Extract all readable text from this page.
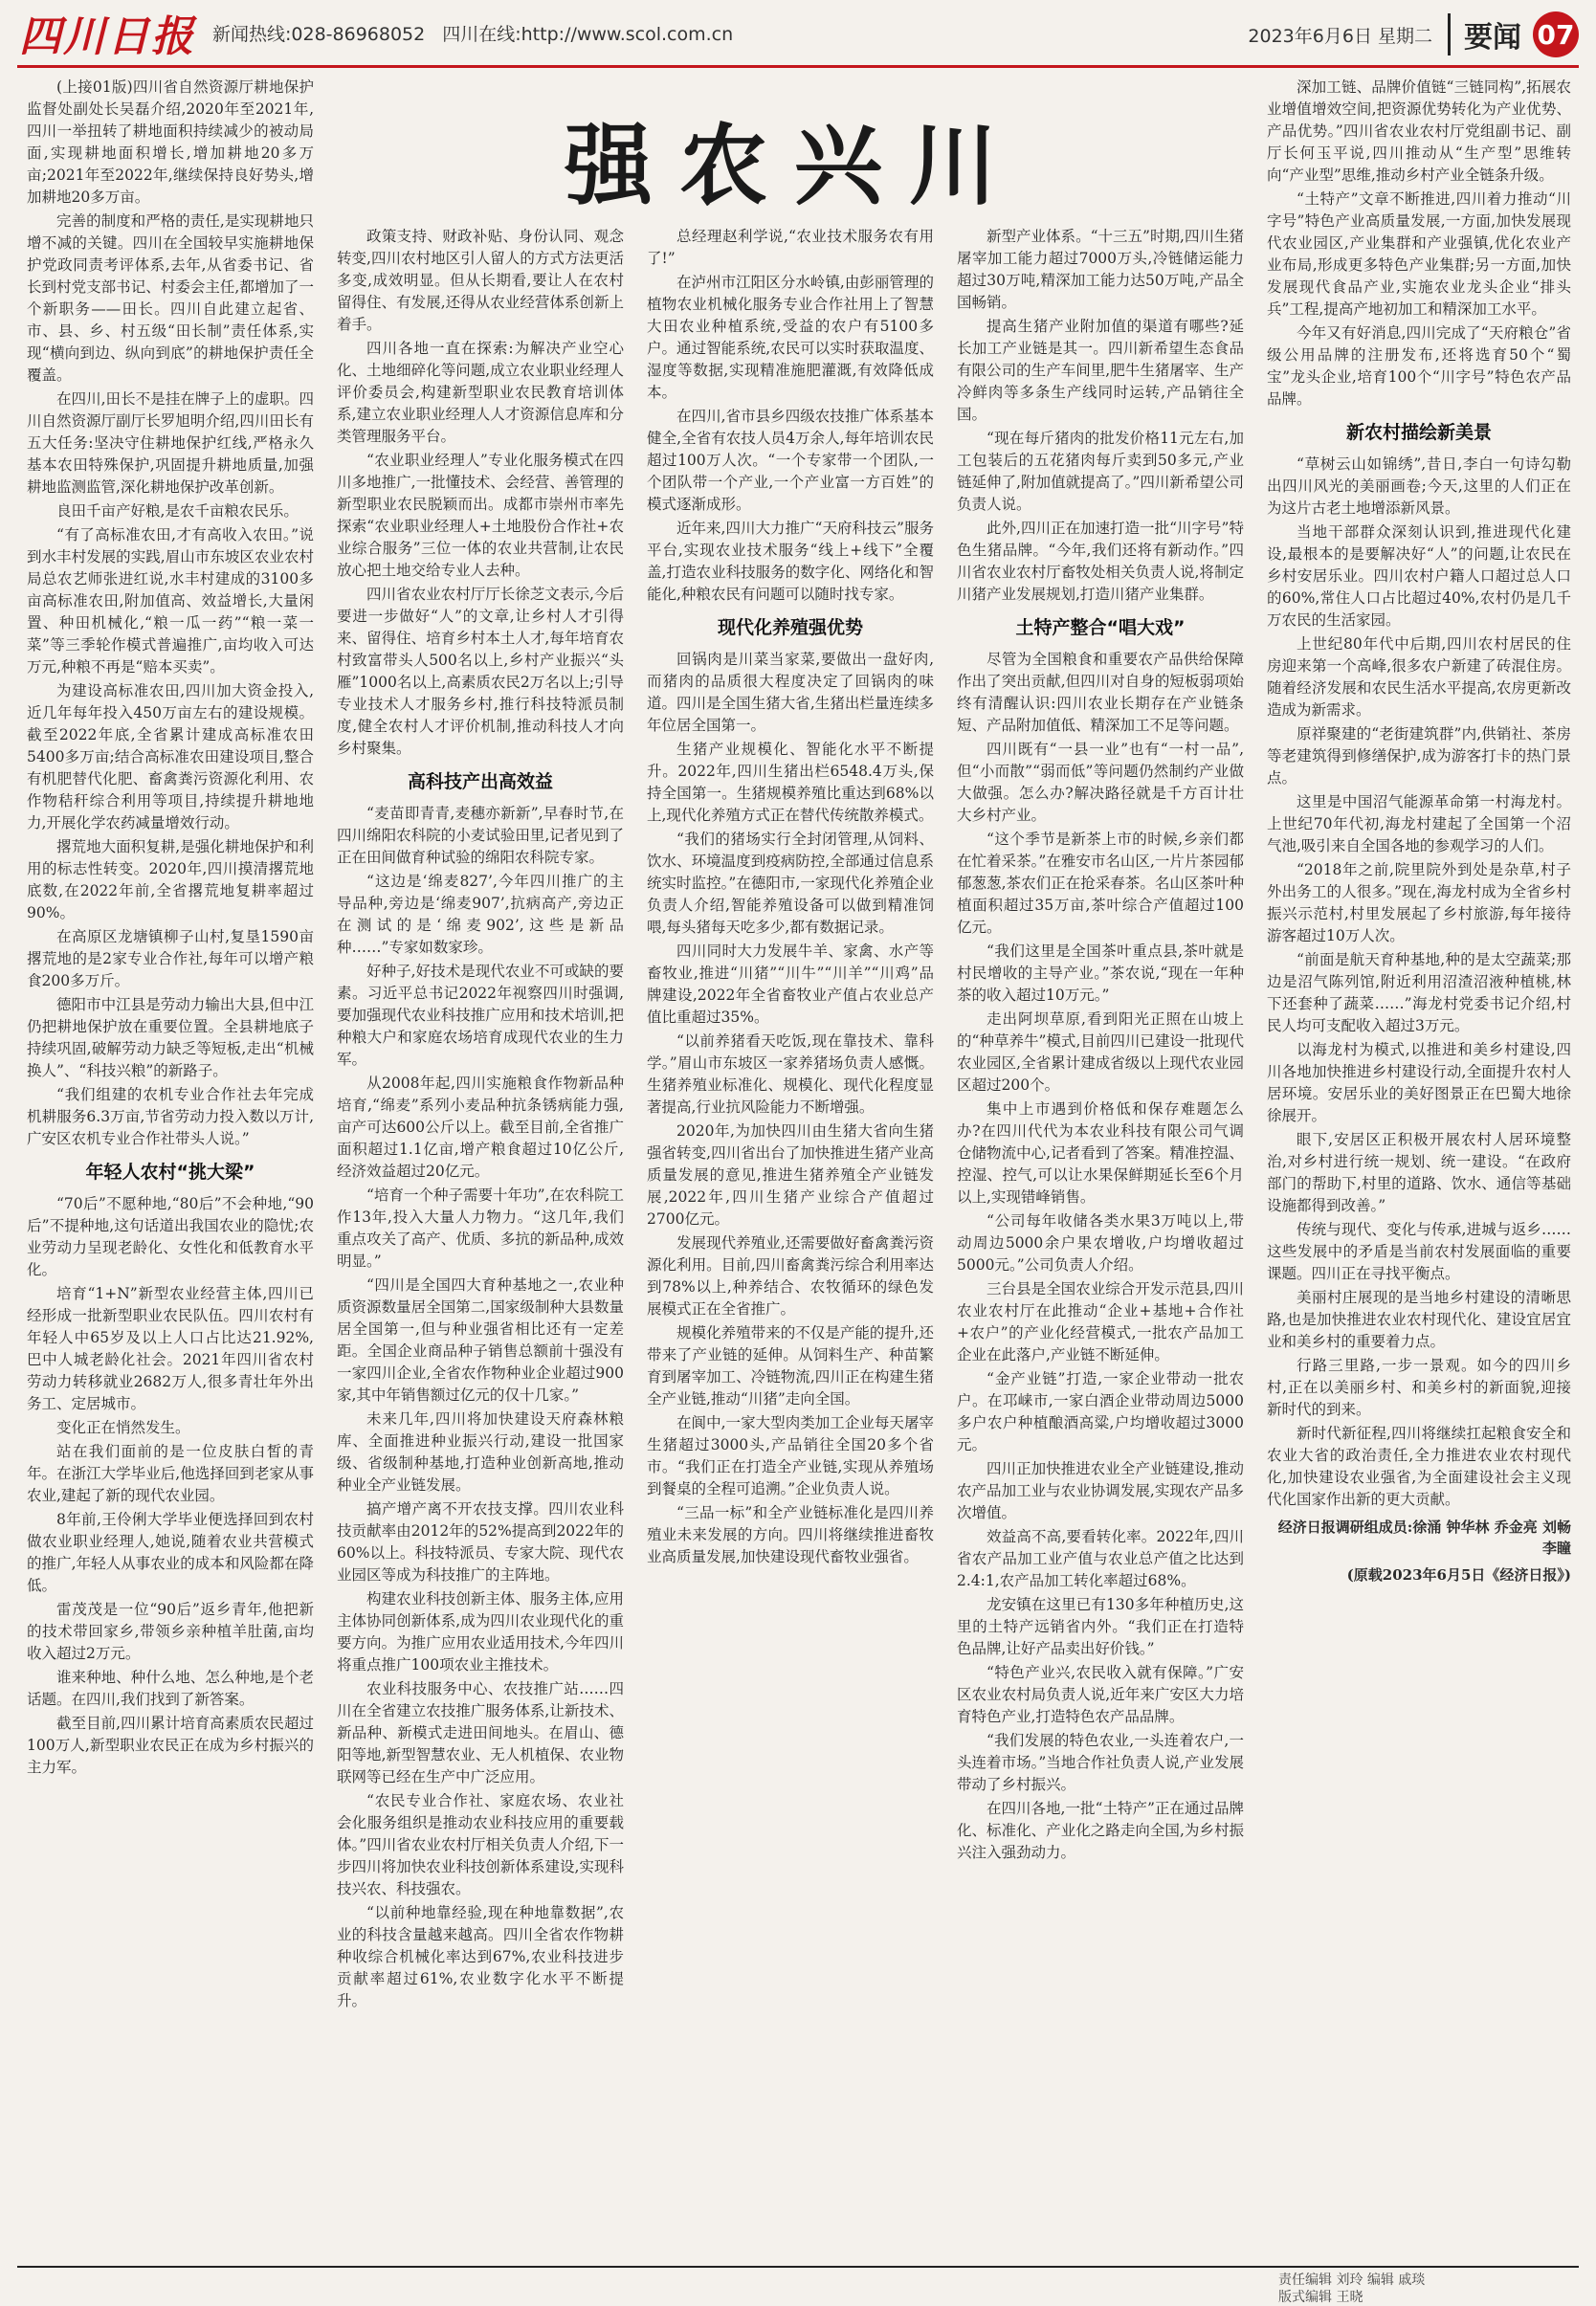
四川日报 新闻热线:028-86968052 四川在线:http://www.scol.com.cn	2023年6月6日 星期二	要闻 07
强农兴川

(上接01版)四川省自然资源厅耕地保护监督处副处长吴磊介绍,2020年至2021年,四川一举扭转了耕地面积持续减少的被动局面,实现耕地面积增长,增加耕地20多万亩;2021年至2022年,继续保持良好势头,增加耕地20多万亩。

完善的制度和严格的责任,是实现耕地只增不减的关键。四川在全国较早实施耕地保护党政同责考评体系,去年,从省委书记、省长到村党支部书记、村委会主任,都增加了一个新职务——田长。四川自此建立起省、市、县、乡、村五级“田长制”责任体系,实现“横向到边、纵向到底”的耕地保护责任全覆盖。

在四川,田长不是挂在牌子上的虚职。四川自然资源厅副厅长罗旭明介绍,四川田长有五大任务:坚决守住耕地保护红线,严格永久基本农田特殊保护,巩固提升耕地质量,加强耕地监测监管,深化耕地保护改革创新。

良田千亩产好粮,是农千亩粮农民乐。

“有了高标准农田,才有高收入农田。”说到水丰村发展的实践,眉山市东坡区农业农村局总农艺师张进红说,水丰村建成的3100多亩高标准农田,附加值高、效益增长,大量闲置、种田机械化,“粮一瓜一药”“粮一菜一菜”等三季轮作模式普遍推广,亩均收入可达万元,种粮不再是“赔本买卖”。

为建设高标准农田,四川加大资金投入,近几年每年投入450万亩左右的建设规模。截至2022年底,全省累计建成高标准农田5400多万亩;结合高标准农田建设项目,整合有机肥替代化肥、畜禽粪污资源化利用、农作物秸秆综合利用等项目,持续提升耕地地力,开展化学农药减量增效行动。

撂荒地大面积复耕,是强化耕地保护和利用的标志性转变。2020年,四川摸清撂荒地底数,在2022年前,全省撂荒地复耕率超过90%。

在高原区龙塘镇柳子山村,复垦1590亩撂荒地的是2家专业合作社,每年可以增产粮食200多万斤。

德阳市中江县是劳动力输出大县,但中江仍把耕地保护放在重要位置。全县耕地底子持续巩固,破解劳动力缺乏等短板,走出“机械换人”、“科技兴粮”的新路子。

“我们组建的农机专业合作社去年完成机耕服务6.3万亩,节省劳动力投入数以万计,广安区农机专业合作社带头人说。”

年轻人农村“挑大梁”

“70后”不愿种地,“80后”不会种地,“90后”不提种地,这句话道出我国农业的隐忧;农业劳动力呈现老龄化、女性化和低教育水平化。

培育“1+N”新型农业经营主体,四川已经形成一批新型职业农民队伍。四川农村有年轻人中65岁及以上人口占比达21.92%,巴中人城老龄化社会。2021年四川省农村劳动力转移就业2682万人,很多青壮年外出务工、定居城市。

变化正在悄然发生。

站在我们面前的是一位皮肤白皙的青年。在浙江大学毕业后,他选择回到老家从事农业,建起了新的现代农业园。

8年前,王伶俐大学毕业便选择回到农村做农业职业经理人,她说,随着农业共营模式的推广,年轻人从事农业的成本和风险都在降低。

雷茂茂是一位“90后”返乡青年,他把新的技术带回家乡,带领乡亲种植羊肚菌,亩均收入超过2万元。

谁来种地、种什么地、怎么种地,是个老话题。在四川,我们找到了新答案。

截至目前,四川累计培育高素质农民超过100万人,新型职业农民正在成为乡村振兴的主力军。

政策支持、财政补贴、身份认同、观念转变,四川农村地区引人留人的方式方法更活多变,成效明显。但从长期看,要让人在农村留得住、有发展,还得从农业经营体系创新上着手。

四川各地一直在探索:为解决产业空心化、土地细碎化等问题,成立农业职业经理人评价委员会,构建新型职业农民教育培训体系,建立农业职业经理人人才资源信息库和分类管理服务平台。

“农业职业经理人”专业化服务模式在四川多地推广,一批懂技术、会经营、善管理的新型职业农民脱颖而出。成都市崇州市率先探索“农业职业经理人+土地股份合作社+农业综合服务”三位一体的农业共营制,让农民放心把土地交给专业人去种。

四川省农业农村厅厅长徐芝文表示,今后要进一步做好“人”的文章,让乡村人才引得来、留得住、培育乡村本土人才,每年培育农村致富带头人500名以上,乡村产业振兴“头雁”1000名以上,高素质农民2万名以上;引导专业技术人才服务乡村,推行科技特派员制度,健全农村人才评价机制,推动科技人才向乡村聚集。

高科技产出高效益

“麦苗即青青,麦穗亦新新”,早春时节,在四川绵阳农科院的小麦试验田里,记者见到了正在田间做育种试验的绵阳农科院专家。

“这边是‘绵麦827’,今年四川推广的主导品种,旁边是‘绵麦907’,抗病高产,旁边正在测试的是‘绵麦902’,这些是新品种……”专家如数家珍。

好种子,好技术是现代农业不可或缺的要素。习近平总书记2022年视察四川时强调,要加强现代农业科技推广应用和技术培训,把种粮大户和家庭农场培育成现代农业的生力军。

从2008年起,四川实施粮食作物新品种培育,“绵麦”系列小麦品种抗条锈病能力强,亩产可达600公斤以上。截至目前,全省推广面积超过1.1亿亩,增产粮食超过10亿公斤,经济效益超过20亿元。

“培育一个种子需要十年功”,在农科院工作13年,投入大量人力物力。“这几年,我们重点攻关了高产、优质、多抗的新品种,成效明显。”

“四川是全国四大育种基地之一,农业种质资源数量居全国第二,国家级制种大县数量居全国第一,但与种业强省相比还有一定差距。全国企业商品种子销售总额前十强没有一家四川企业,全省农作物种业企业超过900家,其中年销售额过亿元的仅十几家。”

未来几年,四川将加快建设天府森林粮库、全面推进种业振兴行动,建设一批国家级、省级制种基地,打造种业创新高地,推动种业全产业链发展。

搞产增产离不开农技支撑。四川农业科技贡献率由2012年的52%提高到2022年的60%以上。科技特派员、专家大院、现代农业园区等成为科技推广的主阵地。

构建农业科技创新主体、服务主体,应用主体协同创新体系,成为四川农业现代化的重要方向。为推广应用农业适用技术,今年四川将重点推广100项农业主推技术。

农业科技服务中心、农技推广站……四川在全省建立农技推广服务体系,让新技术、新品种、新模式走进田间地头。在眉山、德阳等地,新型智慧农业、无人机植保、农业物联网等已经在生产中广泛应用。

“农民专业合作社、家庭农场、农业社会化服务组织是推动农业科技应用的重要载体。”四川省农业农村厅相关负责人介绍,下一步四川将加快农业科技创新体系建设,实现科技兴农、科技强农。

“以前种地靠经验,现在种地靠数据”,农业的科技含量越来越高。四川全省农作物耕种收综合机械化率达到67%,农业科技进步贡献率超过61%,农业数字化水平不断提升。

总经理赵利学说,“农业技术服务农有用了!”

在泸州市江阳区分水岭镇,由彭丽管理的植物农业机械化服务专业合作社用上了智慧大田农业种植系统,受益的农户有5100多户。通过智能系统,农民可以实时获取温度、湿度等数据,实现精准施肥灌溉,有效降低成本。

在四川,省市县乡四级农技推广体系基本健全,全省有农技人员4万余人,每年培训农民超过100万人次。“一个专家带一个团队,一个团队带一个产业,一个产业富一方百姓”的模式逐渐成形。

近年来,四川大力推广“天府科技云”服务平台,实现农业技术服务“线上+线下”全覆盖,打造农业科技服务的数字化、网络化和智能化,种粮农民有问题可以随时找专家。

现代化养殖强优势

回锅肉是川菜当家菜,要做出一盘好肉,而猪肉的品质很大程度决定了回锅肉的味道。四川是全国生猪大省,生猪出栏量连续多年位居全国第一。

生猪产业规模化、智能化水平不断提升。2022年,四川生猪出栏6548.4万头,保持全国第一。生猪规模养殖比重达到68%以上,现代化养殖方式正在替代传统散养模式。

“我们的猪场实行全封闭管理,从饲料、饮水、环境温度到疫病防控,全部通过信息系统实时监控。”在德阳市,一家现代化养殖企业负责人介绍,智能养殖设备可以做到精准饲喂,每头猪每天吃多少,都有数据记录。

四川同时大力发展牛羊、家禽、水产等畜牧业,推进“川猪”“川牛”“川羊”“川鸡”品牌建设,2022年全省畜牧业产值占农业总产值比重超过35%。

“以前养猪看天吃饭,现在靠技术、靠科学。”眉山市东坡区一家养猪场负责人感慨。生猪养殖业标准化、规模化、现代化程度显著提高,行业抗风险能力不断增强。

2020年,为加快四川由生猪大省向生猪强省转变,四川省出台了加快推进生猪产业高质量发展的意见,推进生猪养殖全产业链发展,2022年,四川生猪产业综合产值超过2700亿元。

发展现代养殖业,还需要做好畜禽粪污资源化利用。目前,四川畜禽粪污综合利用率达到78%以上,种养结合、农牧循环的绿色发展模式正在全省推广。

规模化养殖带来的不仅是产能的提升,还带来了产业链的延伸。从饲料生产、种苗繁育到屠宰加工、冷链物流,四川正在构建生猪全产业链,推动“川猪”走向全国。

在阆中,一家大型肉类加工企业每天屠宰生猪超过3000头,产品销往全国20多个省市。“我们正在打造全产业链,实现从养殖场到餐桌的全程可追溯。”企业负责人说。

“三品一标”和全产业链标准化是四川养殖业未来发展的方向。四川将继续推进畜牧业高质量发展,加快建设现代畜牧业强省。

新型产业体系。“十三五”时期,四川生猪屠宰加工能力超过7000万头,冷链储运能力超过30万吨,精深加工能力达50万吨,产品全国畅销。

提高生猪产业附加值的渠道有哪些?延长加工产业链是其一。四川新希望生态食品有限公司的生产车间里,肥牛生猪屠宰、生产冷鲜肉等多条生产线同时运转,产品销往全国。

“现在每斤猪肉的批发价格11元左右,加工包装后的五花猪肉每斤卖到50多元,产业链延伸了,附加值就提高了。”四川新希望公司负责人说。

此外,四川正在加速打造一批“川字号”特色生猪品牌。“今年,我们还将有新动作。”四川省农业农村厅畜牧处相关负责人说,将制定川猪产业发展规划,打造川猪产业集群。

土特产整合“唱大戏”

尽管为全国粮食和重要农产品供给保障作出了突出贡献,但四川对自身的短板弱项始终有清醒认识:四川农业长期存在产业链条短、产品附加值低、精深加工不足等问题。

四川既有“一县一业”也有“一村一品”,但“小而散”“弱而低”等问题仍然制约产业做大做强。怎么办?解决路径就是千方百计壮大乡村产业。

“这个季节是新茶上市的时候,乡亲们都在忙着采茶。”在雅安市名山区,一片片茶园郁郁葱葱,茶农们正在抢采春茶。名山区茶叶种植面积超过35万亩,茶叶综合产值超过100亿元。

“我们这里是全国茶叶重点县,茶叶就是村民增收的主导产业。”茶农说,“现在一年种茶的收入超过10万元。”

走出阿坝草原,看到阳光正照在山坡上的“种草养牛”模式,目前四川已建设一批现代农业园区,全省累计建成省级以上现代农业园区超过200个。

集中上市遇到价格低和保存难题怎么办?在四川代代为本农业科技有限公司气调仓储物流中心,记者看到了答案。精准控温、控湿、控气,可以让水果保鲜期延长至6个月以上,实现错峰销售。

“公司每年收储各类水果3万吨以上,带动周边5000余户果农增收,户均增收超过5000元。”公司负责人介绍。

三台县是全国农业综合开发示范县,四川农业农村厅在此推动“企业+基地+合作社+农户”的产业化经营模式,一批农产品加工企业在此落户,产业链不断延伸。

“金产业链”打造,一家企业带动一批农户。在邛崃市,一家白酒企业带动周边5000多户农户种植酿酒高粱,户均增收超过3000元。

四川正加快推进农业全产业链建设,推动农产品加工业与农业协调发展,实现农产品多次增值。

效益高不高,要看转化率。2022年,四川省农产品加工业产值与农业总产值之比达到2.4:1,农产品加工转化率超过68%。

龙安镇在这里已有130多年种植历史,这里的土特产远销省内外。“我们正在打造特色品牌,让好产品卖出好价钱。”

“特色产业兴,农民收入就有保障。”广安区农业农村局负责人说,近年来广安区大力培育特色产业,打造特色农产品品牌。

“我们发展的特色农业,一头连着农户,一头连着市场。”当地合作社负责人说,产业发展带动了乡村振兴。

在四川各地,一批“土特产”正在通过品牌化、标准化、产业化之路走向全国,为乡村振兴注入强劲动力。

深加工链、品牌价值链“三链同构”,拓展农业增值增效空间,把资源优势转化为产业优势、产品优势。”四川省农业农村厅党组副书记、副厅长何玉平说,四川推动从“生产型”思维转向“产业型”思维,推动乡村产业全链条升级。

“土特产”文章不断推进,四川着力推动“川字号”特色产业高质量发展,一方面,加快发展现代农业园区,产业集群和产业强镇,优化农业产业布局,形成更多特色产业集群;另一方面,加快发展现代食品产业,实施农业龙头企业“排头兵”工程,提高产地初加工和精深加工水平。

今年又有好消息,四川完成了“天府粮仓”省级公用品牌的注册发布,还将选育50个“蜀宝”龙头企业,培育100个“川字号”特色农产品品牌。

新农村描绘新美景

“草树云山如锦绣”,昔日,李白一句诗勾勒出四川风光的美丽画卷;今天,这里的人们正在为这片古老土地增添新风景。

当地干部群众深刻认识到,推进现代化建设,最根本的是要解决好“人”的问题,让农民在乡村安居乐业。四川农村户籍人口超过总人口的60%,常住人口占比超过40%,农村仍是几千万农民的生活家园。

上世纪80年代中后期,四川农村居民的住房迎来第一个高峰,很多农户新建了砖混住房。随着经济发展和农民生活水平提高,农房更新改造成为新需求。

原祥聚建的“老街建筑群”内,供销社、茶房等老建筑得到修缮保护,成为游客打卡的热门景点。

这里是中国沼气能源革命第一村海龙村。上世纪70年代初,海龙村建起了全国第一个沼气池,吸引来自全国各地的参观学习的人们。

“2018年之前,院里院外到处是杂草,村子外出务工的人很多。”现在,海龙村成为全省乡村振兴示范村,村里发展起了乡村旅游,每年接待游客超过10万人次。

“前面是航天育种基地,种的是太空蔬菜;那边是沼气陈列馆,附近利用沼渣沼液种植桃,林下还套种了蔬菜……”海龙村党委书记介绍,村民人均可支配收入超过3万元。

以海龙村为模式,以推进和美乡村建设,四川各地加快推进乡村建设行动,全面提升农村人居环境。安居乐业的美好图景正在巴蜀大地徐徐展开。

眼下,安居区正积极开展农村人居环境整治,对乡村进行统一规划、统一建设。“在政府部门的帮助下,村里的道路、饮水、通信等基础设施都得到改善。”

传统与现代、变化与传承,进城与返乡……这些发展中的矛盾是当前农村发展面临的重要课题。四川正在寻找平衡点。

美丽村庄展现的是当地乡村建设的清晰思路,也是加快推进农业农村现代化、建设宜居宜业和美乡村的重要着力点。

行路三里路,一步一景观。如今的四川乡村,正在以美丽乡村、和美乡村的新面貌,迎接新时代的到来。

新时代新征程,四川将继续扛起粮食安全和农业大省的政治责任,全力推进农业农村现代化,加快建设农业强省,为全面建设社会主义现代化国家作出新的更大贡献。

经济日报调研组成员:徐涌 钟华林 乔金亮 刘畅 李瞳
(原载2023年6月5日《经济日报》)
责任编辑 刘玲 编辑 戚琰
版式编辑 王晓
